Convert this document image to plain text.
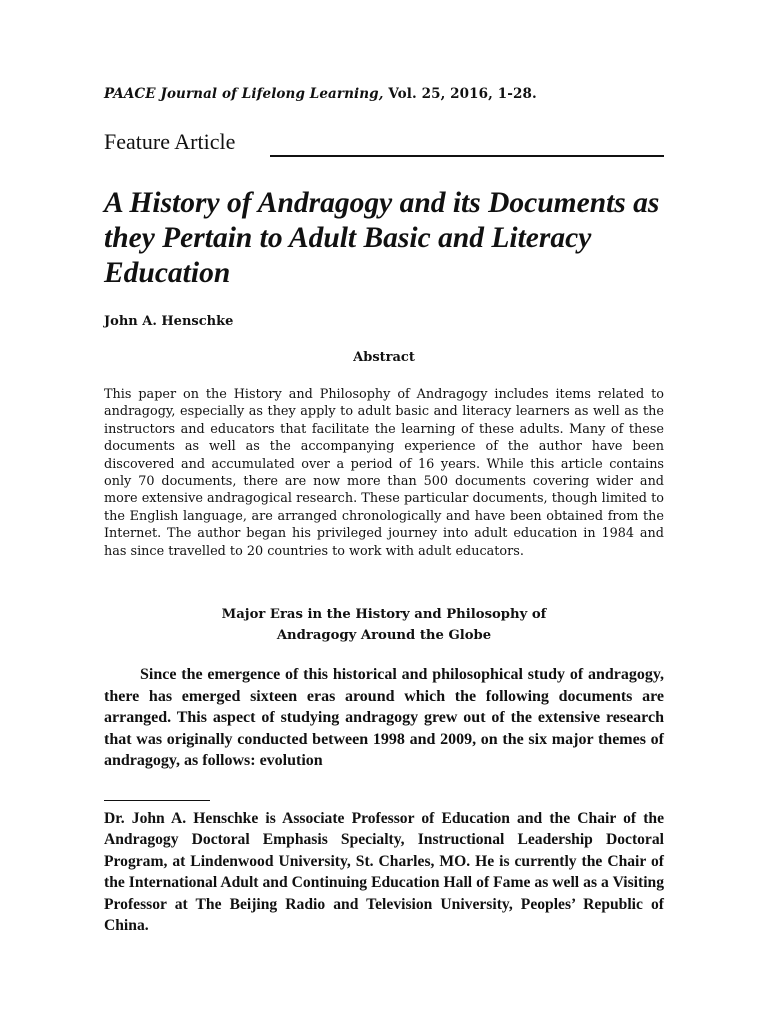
PAACE Journal of Lifelong Learning, Vol. 25, 2016, 1-28.
Feature Article
A History of Andragogy and its Documents as they Pertain to Adult Basic and Literacy Education
John A. Henschke
Abstract
This paper on the History and Philosophy of Andragogy includes items related to andragogy, especially as they apply to adult basic and literacy learners as well as the instructors and educators that facilitate the learning of these adults. Many of these documents as well as the accompanying experience of the author have been discovered and accumulated over a period of 16 years. While this article contains only 70 documents, there are now more than 500 documents covering wider and more extensive andragogical research. These particular documents, though limited to the English language, are arranged chronologically and have been obtained from the Internet. The author began his privileged journey into adult education in 1984 and has since travelled to 20 countries to work with adult educators.
Major Eras in the History and Philosophy of
Andragogy Around the Globe
Since the emergence of this historical and philosophical study of andragogy, there has emerged sixteen eras around which the following documents are arranged. This aspect of studying andragogy grew out of the extensive research that was originally conducted between 1998 and 2009, on the six major themes of andragogy, as follows: evolution
Dr. John A. Henschke is Associate Professor of Education and the Chair of the Andragogy Doctoral Emphasis Specialty, Instructional Leadership Doctoral Program, at Lindenwood University, St. Charles, MO. He is currently the Chair of the International Adult and Continuing Education Hall of Fame as well as a Visiting Professor at The Beijing Radio and Television University, Peoples’ Republic of China.
